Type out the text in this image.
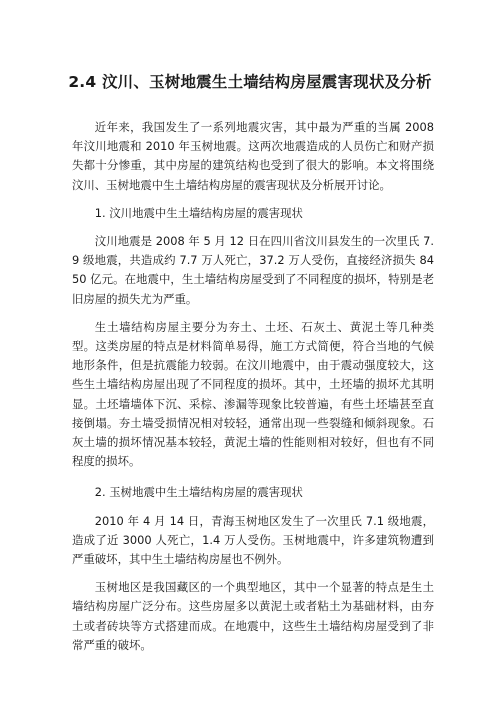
2.4 汶川、玉树地震生土墙结构房屋震害现状及分析

近年来，我国发生了一系列地震灾害，其中最为严重的当属 2008 年汶川地震和 2010 年玉树地震。这两次地震造成的人员伤亡和财产损失都十分惨重，其中房屋的建筑结构也受到了很大的影响。本文将围绕汶川、玉树地震中生土墙结构房屋的震害现状及分析展开讨论。

1. 汶川地震中生土墙结构房屋的震害现状

汶川地震是 2008 年 5 月 12 日在四川省汶川县发生的一次里氏 7.9 级地震，共造成约 7.7 万人死亡，37.2 万人受伤，直接经济损失 8450 亿元。在地震中，生土墙结构房屋受到了不同程度的损坏，特别是老旧房屋的损失尤为严重。

生土墙结构房屋主要分为夯土、土坯、石灰土、黄泥土等几种类型。这类房屋的特点是材料简单易得，施工方式简便，符合当地的气候地形条件，但是抗震能力较弱。在汶川地震中，由于震动强度较大，这些生土墙结构房屋出现了不同程度的损坏。其中，土坯墙的损坏尤其明显。土坯墙墙体下沉、采棕、渗漏等现象比较普遍，有些土坯墙甚至直接倒塌。夯土墙受损情况相对较轻，通常出现一些裂缝和倾斜现象。石灰土墙的损坏情况基本较轻，黄泥土墙的性能则相对较好，但也有不同程度的损坏。

2. 玉树地震中生土墙结构房屋的震害现状

2010 年 4 月 14 日，青海玉树地区发生了一次里氏 7.1 级地震，造成了近 3000 人死亡，1.4 万人受伤。玉树地震中，许多建筑物遭到严重破坏，其中生土墙结构房屋也不例外。

玉树地区是我国藏区的一个典型地区，其中一个显著的特点是生土墙结构房屋广泛分布。这些房屋多以黄泥土或者粘土为基础材料，由夯土或者砖块等方式搭建而成。在地震中，这些生土墙结构房屋受到了非常严重的破坏。
